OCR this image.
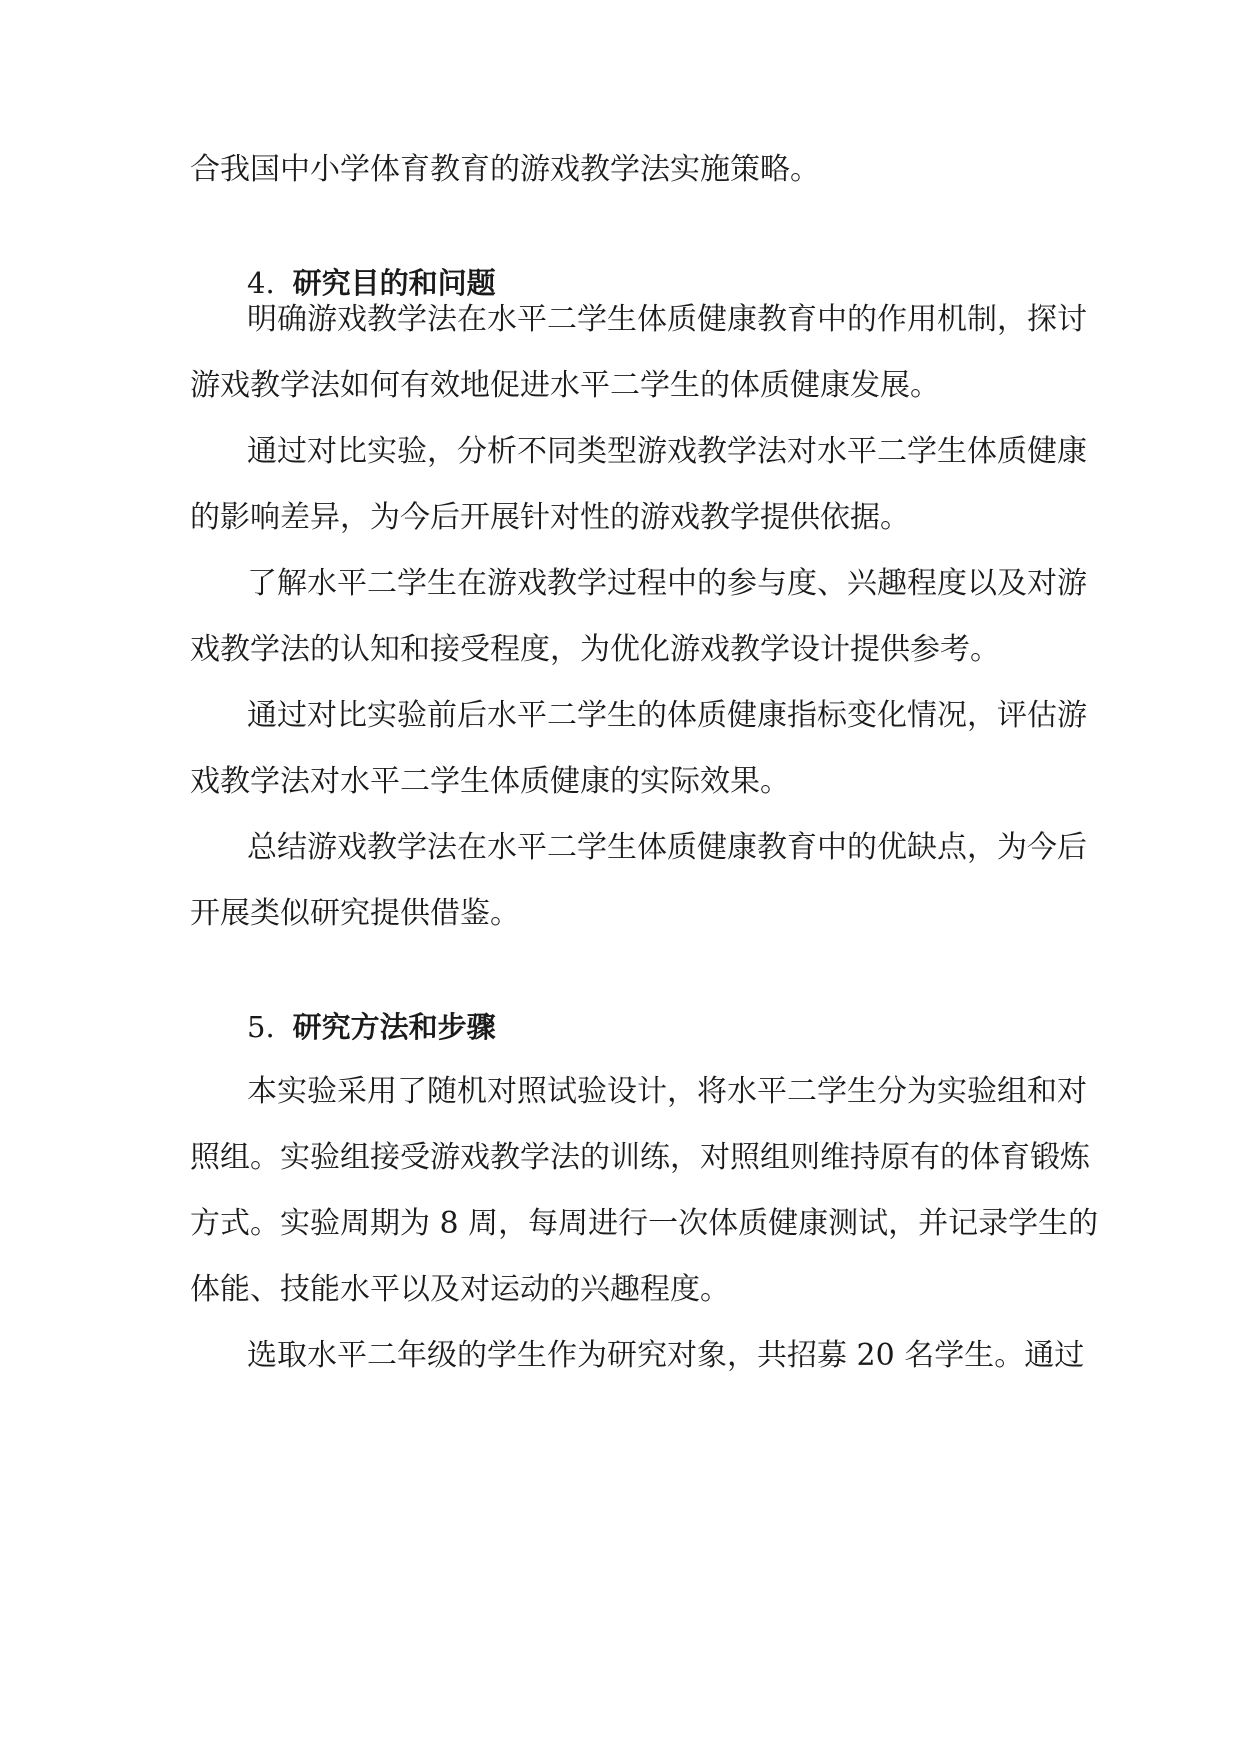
合我国中小学体育教育的游戏教学法实施策略。
4. 研究目的和问题
明确游戏教学法在水平二学生体质健康教育中的作用机制，探讨
游戏教学法如何有效地促进水平二学生的体质健康发展。
通过对比实验，分析不同类型游戏教学法对水平二学生体质健康
的影响差异，为今后开展针对性的游戏教学提供依据。
了解水平二学生在游戏教学过程中的参与度、兴趣程度以及对游
戏教学法的认知和接受程度，为优化游戏教学设计提供参考。
通过对比实验前后水平二学生的体质健康指标变化情况，评估游
戏教学法对水平二学生体质健康的实际效果。
总结游戏教学法在水平二学生体质健康教育中的优缺点，为今后
开展类似研究提供借鉴。
5. 研究方法和步骤
本实验采用了随机对照试验设计，将水平二学生分为实验组和对
照组。实验组接受游戏教学法的训练，对照组则维持原有的体育锻炼
方式。实验周期为 8 周，每周进行一次体质健康测试，并记录学生的
体能、技能水平以及对运动的兴趣程度。
选取水平二年级的学生作为研究对象，共招募 20 名学生。通过
